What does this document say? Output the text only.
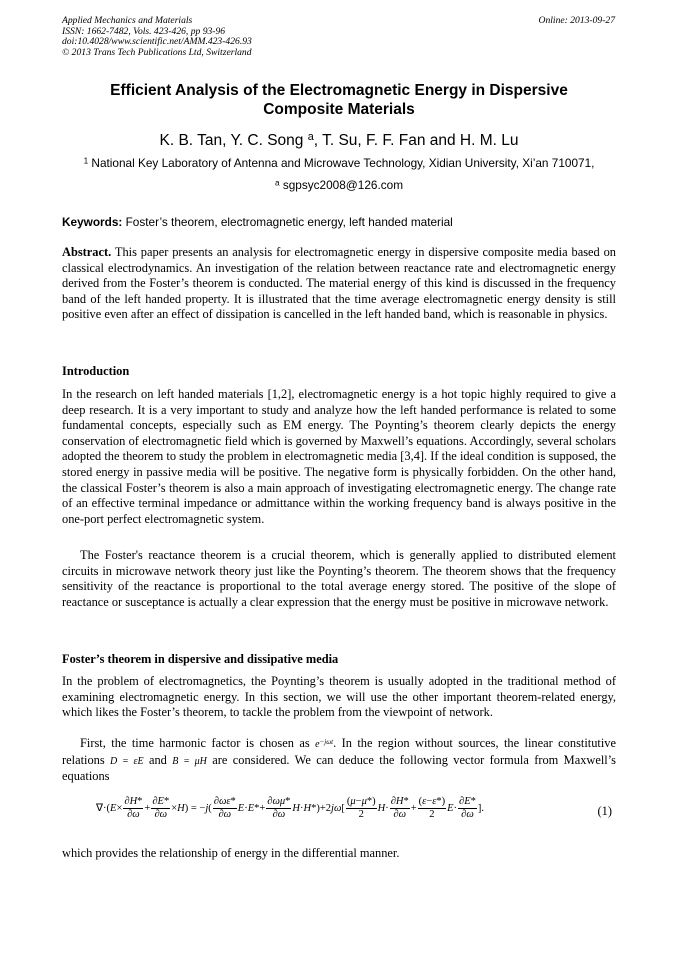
Applied Mechanics and Materials
ISSN: 1662-7482, Vols. 423-426, pp 93-96
doi:10.4028/www.scientific.net/AMM.423-426.93
© 2013 Trans Tech Publications Ltd, Switzerland
Online: 2013-09-27
Efficient Analysis of the Electromagnetic Energy in Dispersive
Composite Materials
K. B. Tan, Y. C. Song $^a$, T. Su, F. F. Fan and H. M. Lu
$^1$ National Key Laboratory of Antenna and Microwave Technology, Xidian University, Xi’an 710071,
$^a$ sgpsyc2008@126.com
Keywords: Foster’s theorem, electromagnetic energy, left handed material
Abstract. This paper presents an analysis for electromagnetic energy in dispersive composite media based on classical electrodynamics. An investigation of the relation between reactance rate and electromagnetic energy derived from the Foster’s theorem is conducted. The material energy of this kind is discussed in the frequency band of the left handed property. It is illustrated that the time average electromagnetic energy density is still positive even after an effect of dissipation is cancelled in the left handed band, which is reasonable in physics.
Introduction
In the research on left handed materials [1,2], electromagnetic energy is a hot topic highly required to give a deep research. It is a very important to study and analyze how the left handed performance is related to some fundamental concepts, especially such as EM energy. The Poynting’s theorem clearly depicts the energy conservation of electromagnetic field which is governed by Maxwell’s equations. Accordingly, several scholars adopted the theorem to study the problem in electromagnetic media [3,4]. If the ideal condition is supposed, the stored energy in passive media will be positive. The negative form is physically forbidden. On the other hand, the classical Foster’s theorem is also a main approach of investigating electromagnetic energy. The change rate of an effective terminal impedance or admittance within the working frequency band is always positive in the one-port perfect electromagnetic system.
The Foster's reactance theorem is a crucial theorem, which is generally applied to distributed element circuits in microwave network theory just like the Poynting’s theorem. The theorem shows that the frequency sensitivity of the reactance is proportional to the total average energy stored. The positive of the slope of reactance or susceptance is actually a clear expression that the energy must be positive in microwave network.
Foster’s theorem in dispersive and dissipative media
In the problem of electromagnetics, the Poynting’s theorem is usually adopted in the traditional method of examining electromagnetic energy. In this section, we will use the other important theorem-related energy, which likes the Foster’s theorem, to tackle the problem from the viewpoint of network.
First, the time harmonic factor is chosen as $e^{-j\omega t}$. In the region without sources, the linear constitutive relations D = εE and B = μH are considered. We can deduce the following vector formula from Maxwell’s equations
$\nabla\cdot(E\times \frac{\partial H*}{\partial\omega} + \frac{\partial E*}{\partial\omega} \times H) = -j( \frac{\partial\omega\varepsilon*}{\partial\omega} E\cdot E*+ \frac{\partial\omega\mu*}{\partial\omega} H\cdot H*)+2j\omega[ \frac{(\mu-\mu*)}{2} H\cdot \frac{\partial H*}{\partial\omega} + \frac{(\varepsilon-\varepsilon*)}{2} E\cdot \frac{\partial E*}{\partial\omega}$ ].	(1)
which provides the relationship of energy in the differential manner.
